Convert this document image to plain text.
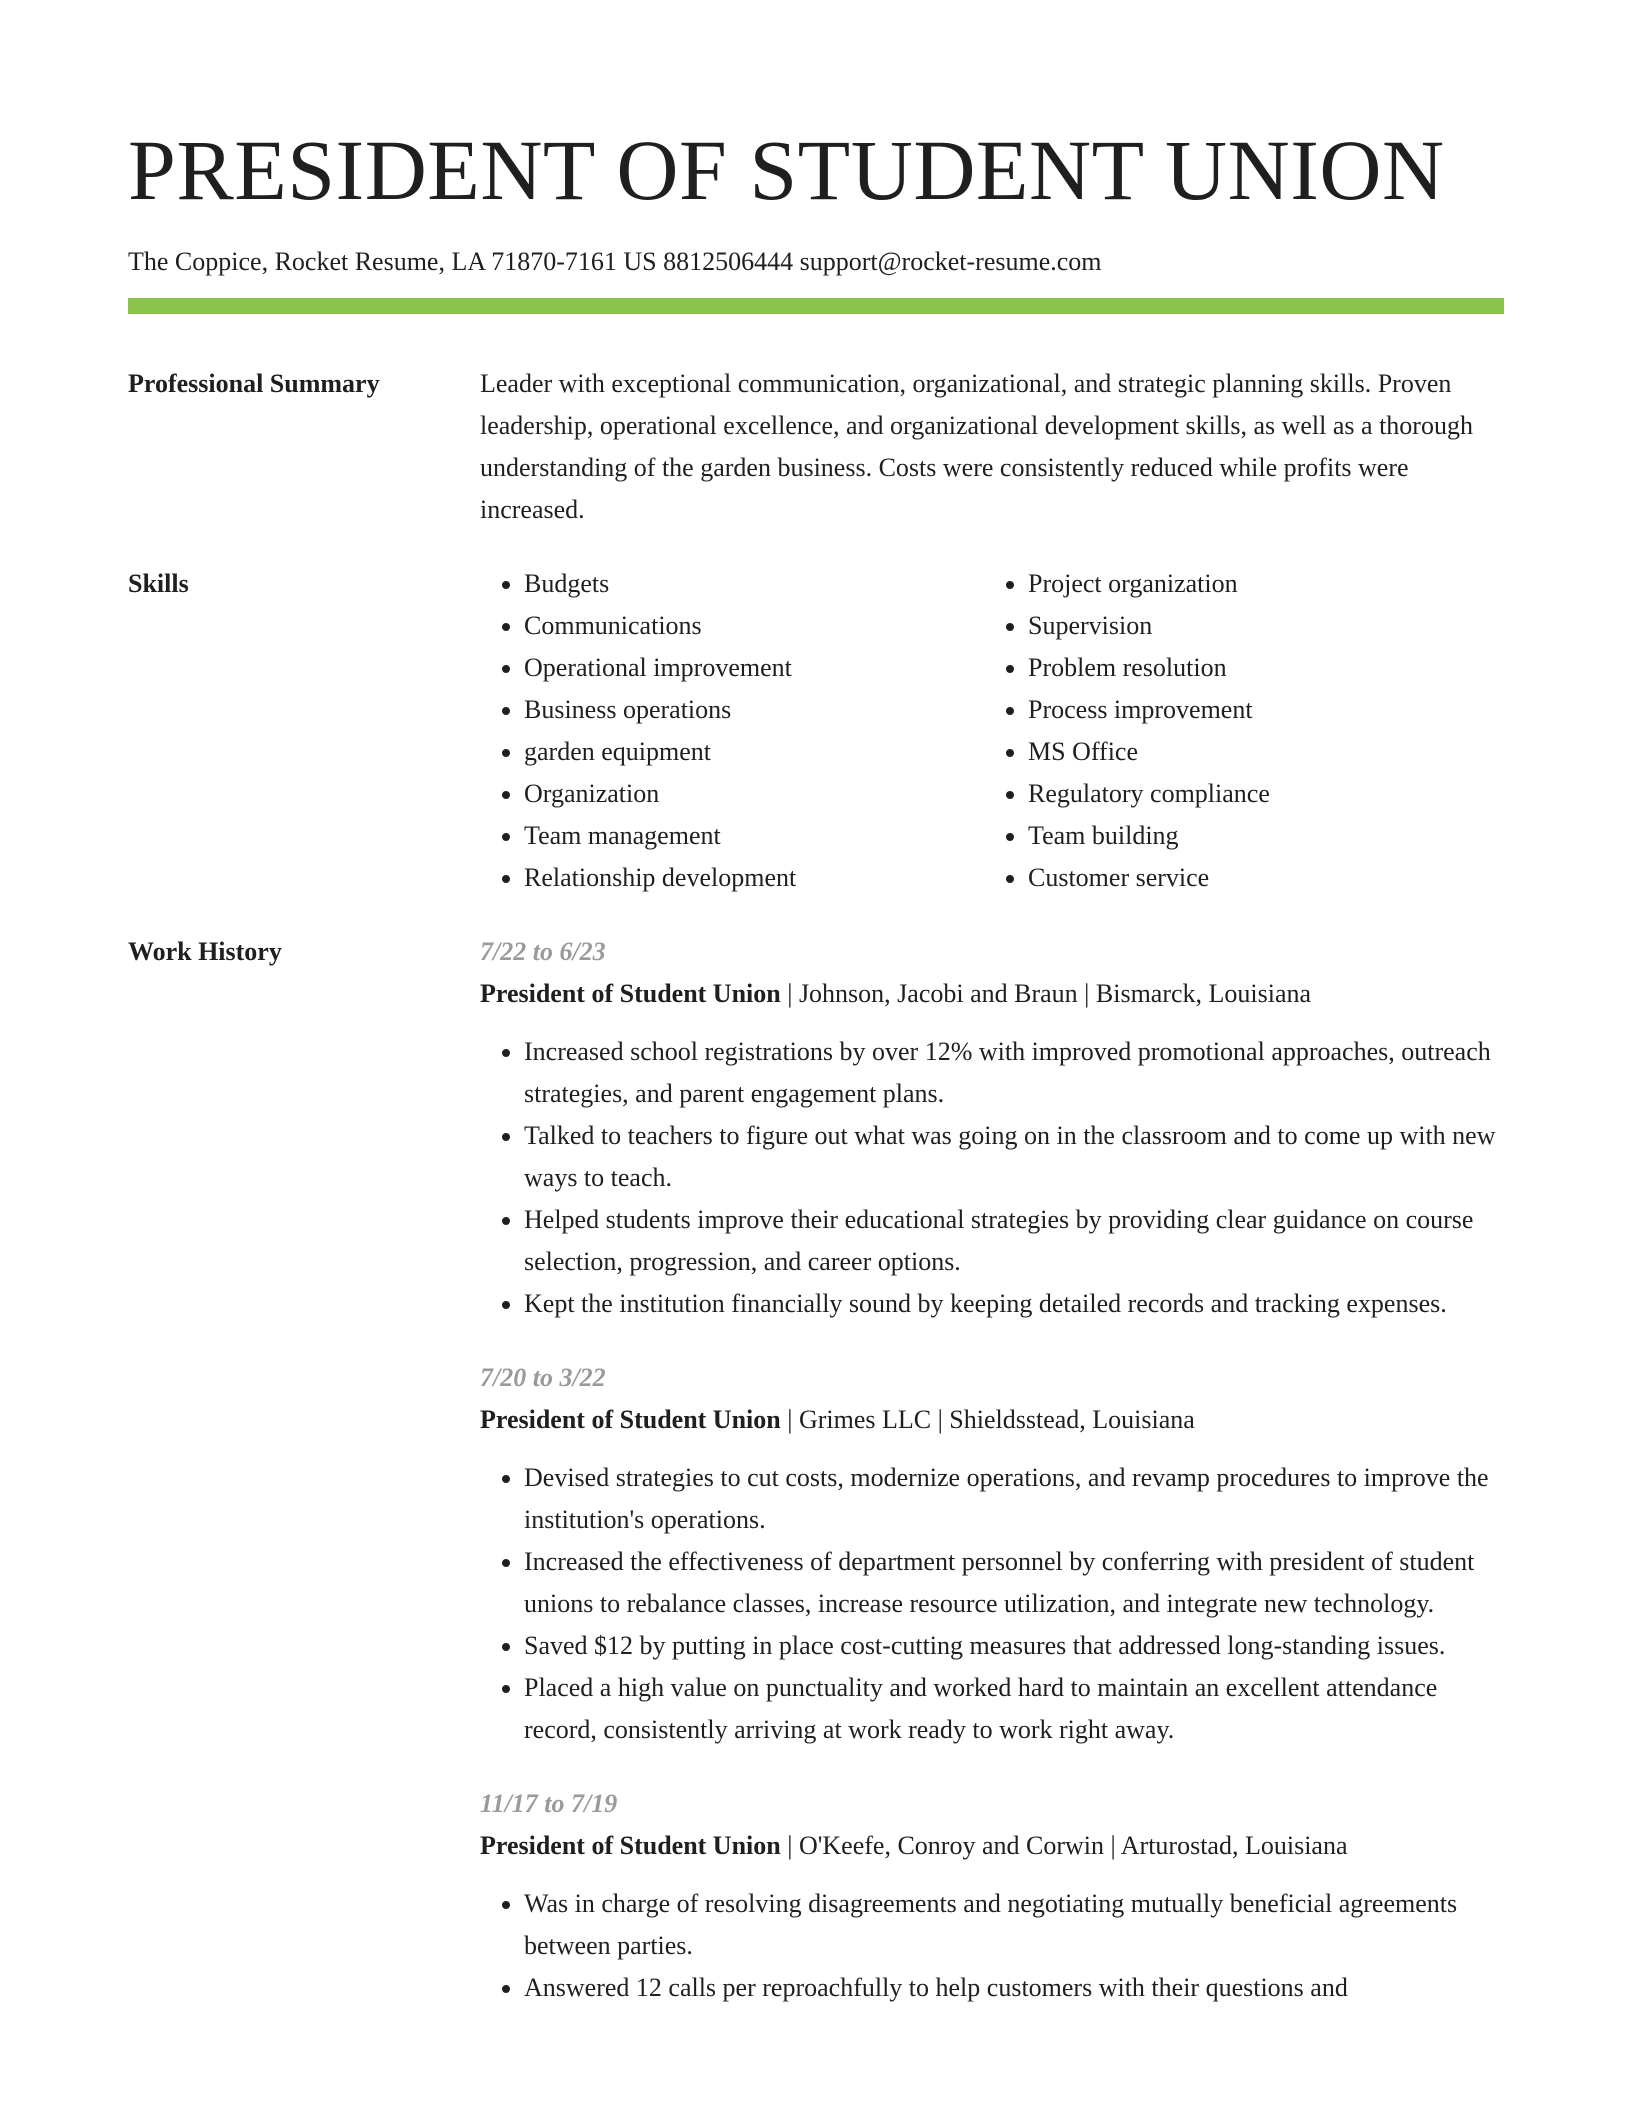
PRESIDENT OF STUDENT UNION
The Coppice, Rocket Resume, LA 71870-7161 US 8812506444 support@rocket-resume.com
Professional Summary	Leader with exceptional communication, organizational, and strategic planning skills. Proven leadership, operational excellence, and organizational development skills, as well as a thorough understanding of the garden business. Costs were consistently reduced while profits were increased.

Skills
•	Budgets
• Communications
• Operational improvement
• Business operations
• garden equipment
• Organization
• Team management
• Relationship development
• Project organization
• Supervision
• Problem resolution
• Process improvement
• MS Office
• Regulatory compliance
• Team building
• Customer service
Work History	7/22 to 6/23
President of Student Union | Johnson, Jacobi and Braun | Bismarck, Louisiana
• Increased school registrations by over 12% with improved promotional approaches, outreach strategies, and parent engagement plans.
• Talked to teachers to figure out what was going on in the classroom and to come up with new ways to teach.
• Helped students improve their educational strategies by providing clear guidance on course selection, progression, and career options.
• Kept the institution financially sound by keeping detailed records and tracking expenses.
7/20 to 3/22
President of Student Union | Grimes LLC | Shieldsstead, Louisiana
• Devised strategies to cut costs, modernize operations, and revamp procedures to improve the institution's operations.
• Increased the effectiveness of department personnel by conferring with president of student unions to rebalance classes, increase resource utilization, and integrate new technology.
• Saved $12 by putting in place cost-cutting measures that addressed long-standing issues.
• Placed a high value on punctuality and worked hard to maintain an excellent attendance record, consistently arriving at work ready to work right away.
11/17 to 7/19
President of Student Union | O'Keefe, Conroy and Corwin | Arturostad, Louisiana
• Was in charge of resolving disagreements and negotiating mutually beneficial agreements between parties.
• Answered 12 calls per reproachfully to help customers with their questions and
